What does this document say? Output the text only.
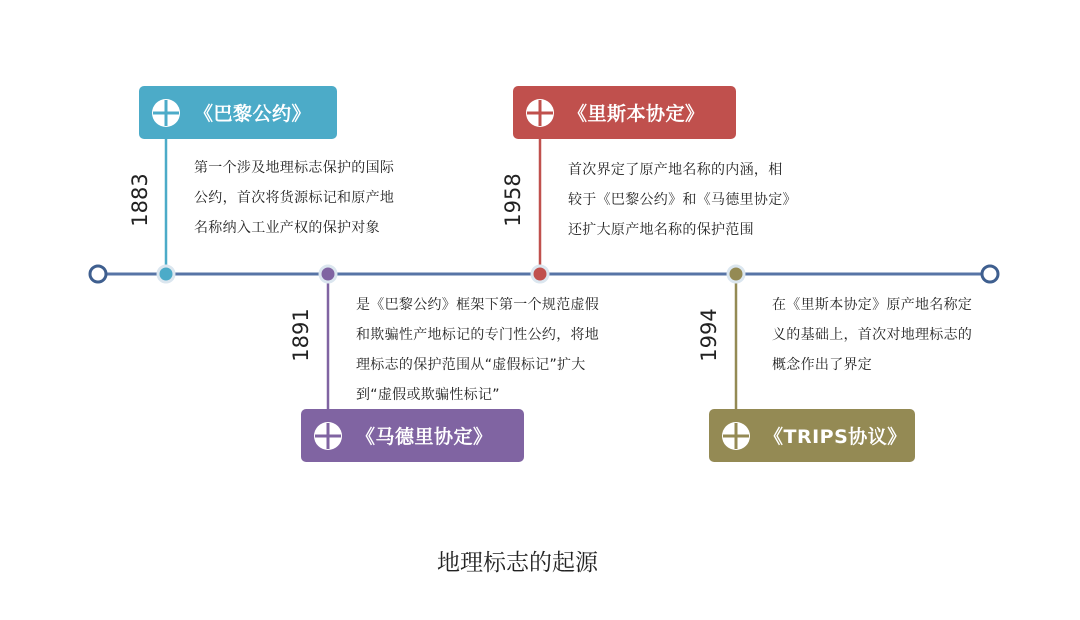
《巴黎公约》
1883
第一个涉及地理标志保护的国际
公约，首次将货源标记和原产地
名称纳入工业产权的保护对象
《马德里协定》
1891
是《巴黎公约》框架下第一个规范虚假
和欺骗性产地标记的专门性公约，将地
理标志的保护范围从“虚假标记”扩大
到“虚假或欺骗性标记”
《里斯本协定》
1958
首次界定了原产地名称的内涵，相
较于《巴黎公约》和《马德里协定》
还扩大原产地名称的保护范围
《TRIPS协议》
1994
在《里斯本协定》原产地名称定
义的基础上，首次对地理标志的
概念作出了界定
地理标志的起源
